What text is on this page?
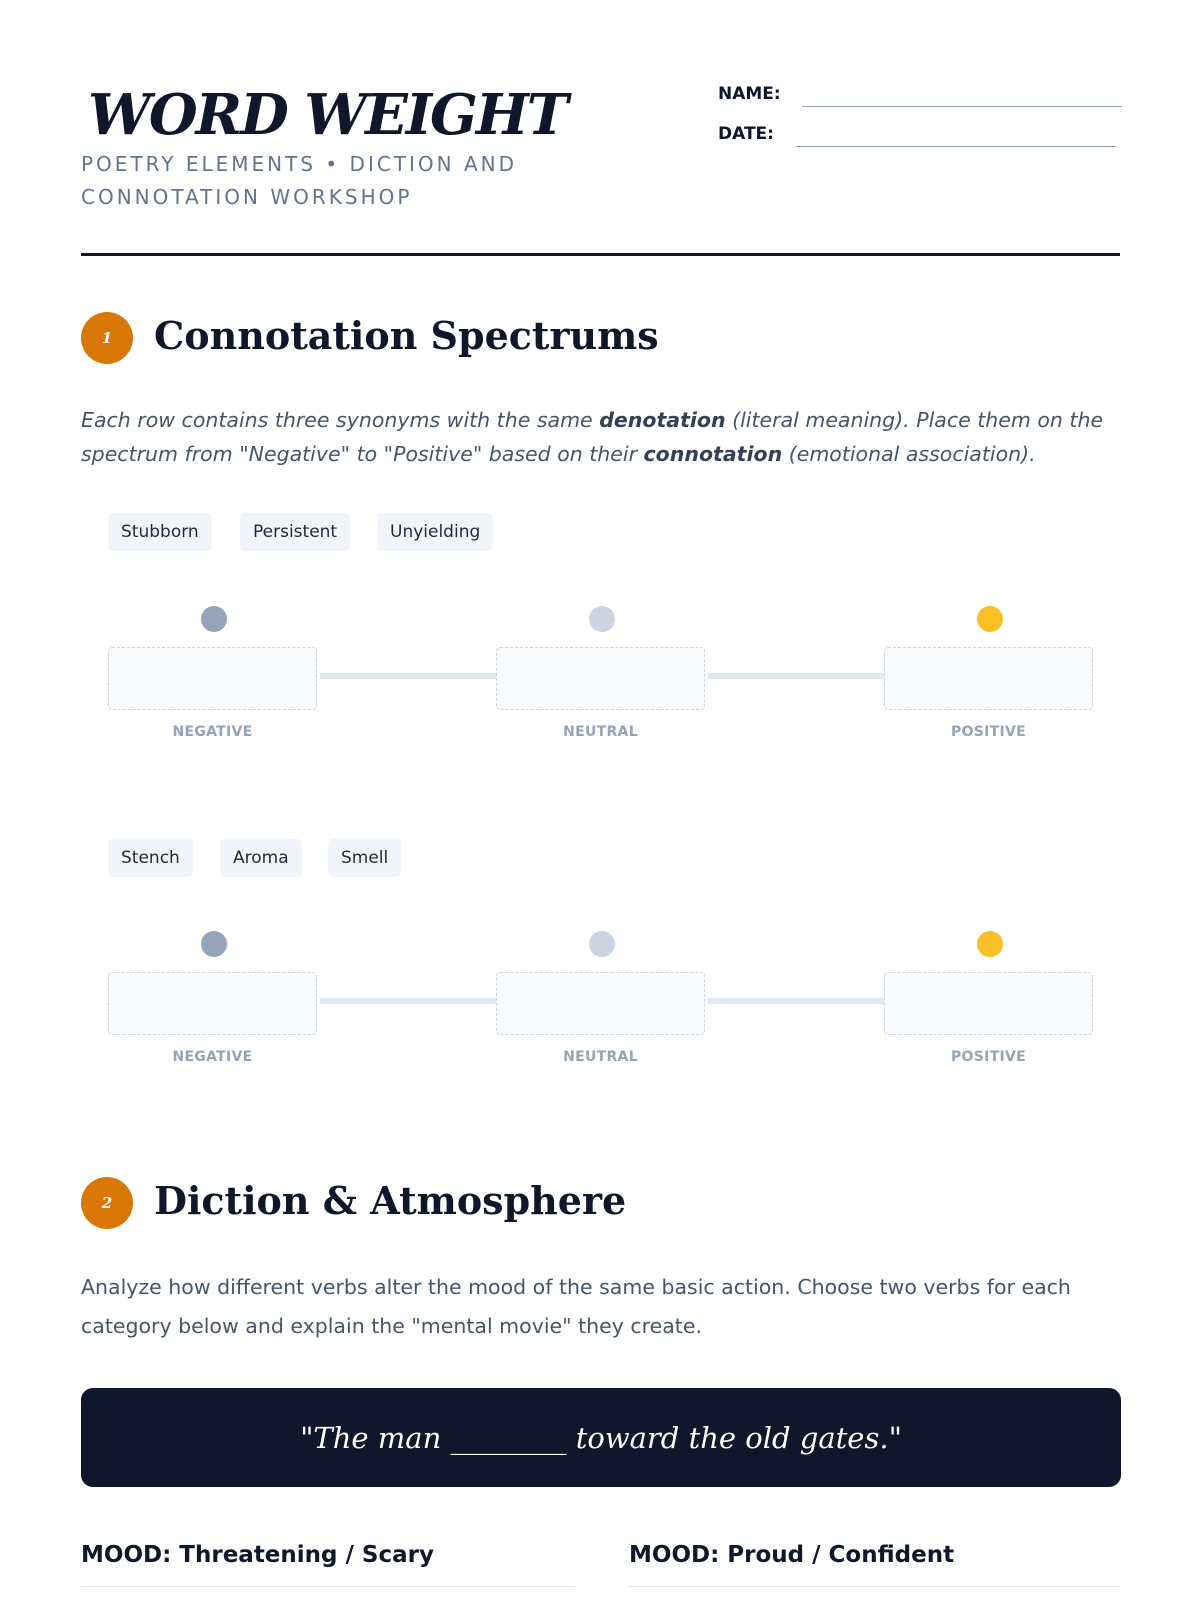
WORD WEIGHT
POETRY ELEMENTS • DICTION AND CONNOTATION WORKSHOP
NAME:
DATE:
1	Connotation Spectrums
Each row contains three synonyms with the same denotation (literal meaning). Place them on the spectrum from "Negative" to "Positive" based on their connotation (emotional association).
Stubborn	Persistent	Unyielding
NEGATIVE	NEUTRAL	POSITIVE
Stench	Aroma	Smell
NEGATIVE	NEUTRAL	POSITIVE
2	Diction & Atmosphere
Analyze how different verbs alter the mood of the same basic action. Choose two verbs for each category below and explain the "mental movie" they create.
"The man ________ toward the old gates."
MOOD: Threatening / Scary	MOOD: Proud / Confident
